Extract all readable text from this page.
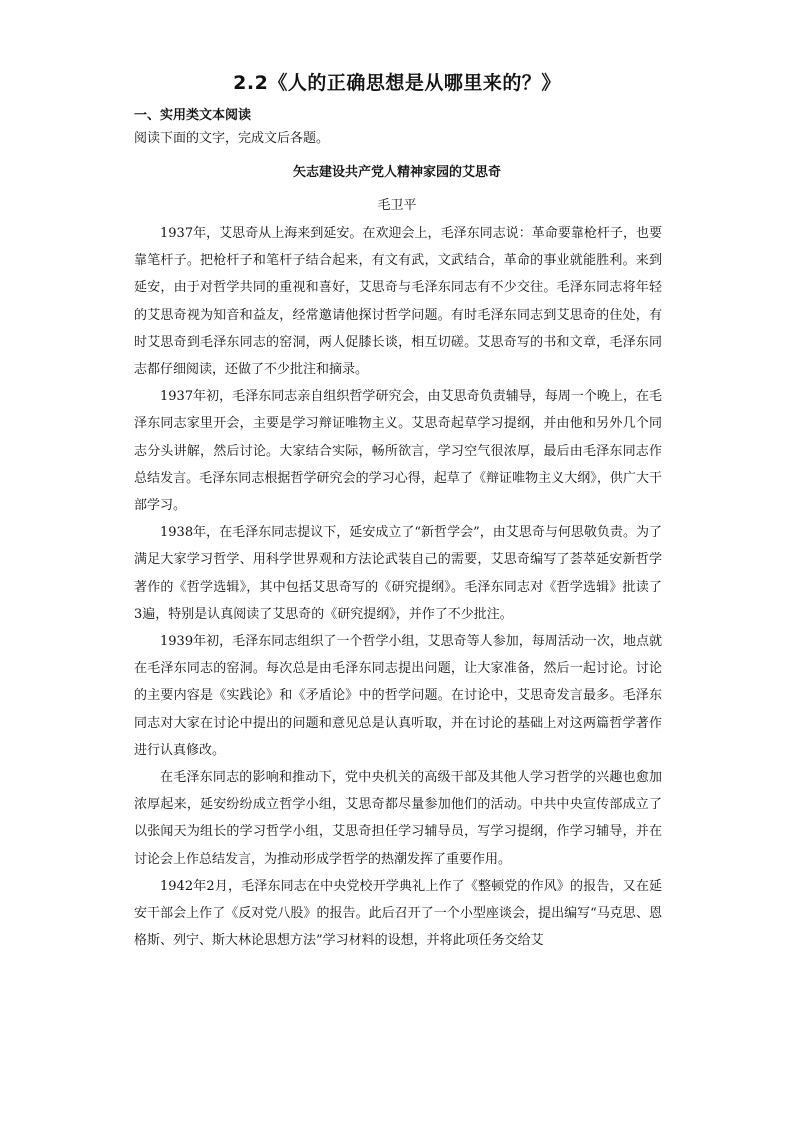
2.2《人的正确思想是从哪里来的？》
一、实用类文本阅读
阅读下面的文字，完成文后各题。
矢志建设共产党人精神家园的艾思奇
毛卫平

1937年，艾思奇从上海来到延安。在欢迎会上，毛泽东同志说：革命要靠枪杆子，也要靠笔杆子。把枪杆子和笔杆子结合起来，有文有武，文武结合，革命的事业就能胜利。来到延安，由于对哲学共同的重视和喜好，艾思奇与毛泽东同志有不少交往。毛泽东同志将年轻的艾思奇视为知音和益友，经常邀请他探讨哲学问题。有时毛泽东同志到艾思奇的住处，有时艾思奇到毛泽东同志的窑洞，两人促膝长谈，相互切磋。艾思奇写的书和文章，毛泽东同志都仔细阅读，还做了不少批注和摘录。

1937年初，毛泽东同志亲自组织哲学研究会，由艾思奇负责辅导，每周一个晚上，在毛泽东同志家里开会，主要是学习辩证唯物主义。艾思奇起草学习提纲，并由他和另外几个同志分头讲解，然后讨论。大家结合实际，畅所欲言，学习空气很浓厚，最后由毛泽东同志作总结发言。毛泽东同志根据哲学研究会的学习心得，起草了《辩证唯物主义大纲》，供广大干部学习。

1938年，在毛泽东同志提议下，延安成立了“新哲学会”，由艾思奇与何思敬负责。为了满足大家学习哲学、用科学世界观和方法论武装自己的需要，艾思奇编写了荟萃延安新哲学著作的《哲学选辑》，其中包括艾思奇写的《研究提纲》。毛泽东同志对《哲学选辑》批读了3遍，特别是认真阅读了艾思奇的《研究提纲》，并作了不少批注。

1939年初，毛泽东同志组织了一个哲学小组，艾思奇等人参加，每周活动一次，地点就在毛泽东同志的窑洞。每次总是由毛泽东同志提出问题，让大家准备，然后一起讨论。讨论的主要内容是《实践论》和《矛盾论》中的哲学问题。在讨论中，艾思奇发言最多。毛泽东同志对大家在讨论中提出的问题和意见总是认真听取，并在讨论的基础上对这两篇哲学著作进行认真修改。

在毛泽东同志的影响和推动下，党中央机关的高级干部及其他人学习哲学的兴趣也愈加浓厚起来，延安纷纷成立哲学小组，艾思奇都尽量参加他们的活动。中共中央宣传部成立了以张闻天为组长的学习哲学小组，艾思奇担任学习辅导员，写学习提纲，作学习辅导，并在讨论会上作总结发言，为推动形成学哲学的热潮发挥了重要作用。

1942年2月，毛泽东同志在中央党校开学典礼上作了《整顿党的作风》的报告，又在延安干部会上作了《反对党八股》的报告。此后召开了一个小型座谈会，提出编写“马克思、恩格斯、列宁、斯大林论思想方法”学习材料的设想，并将此项任务交给艾
